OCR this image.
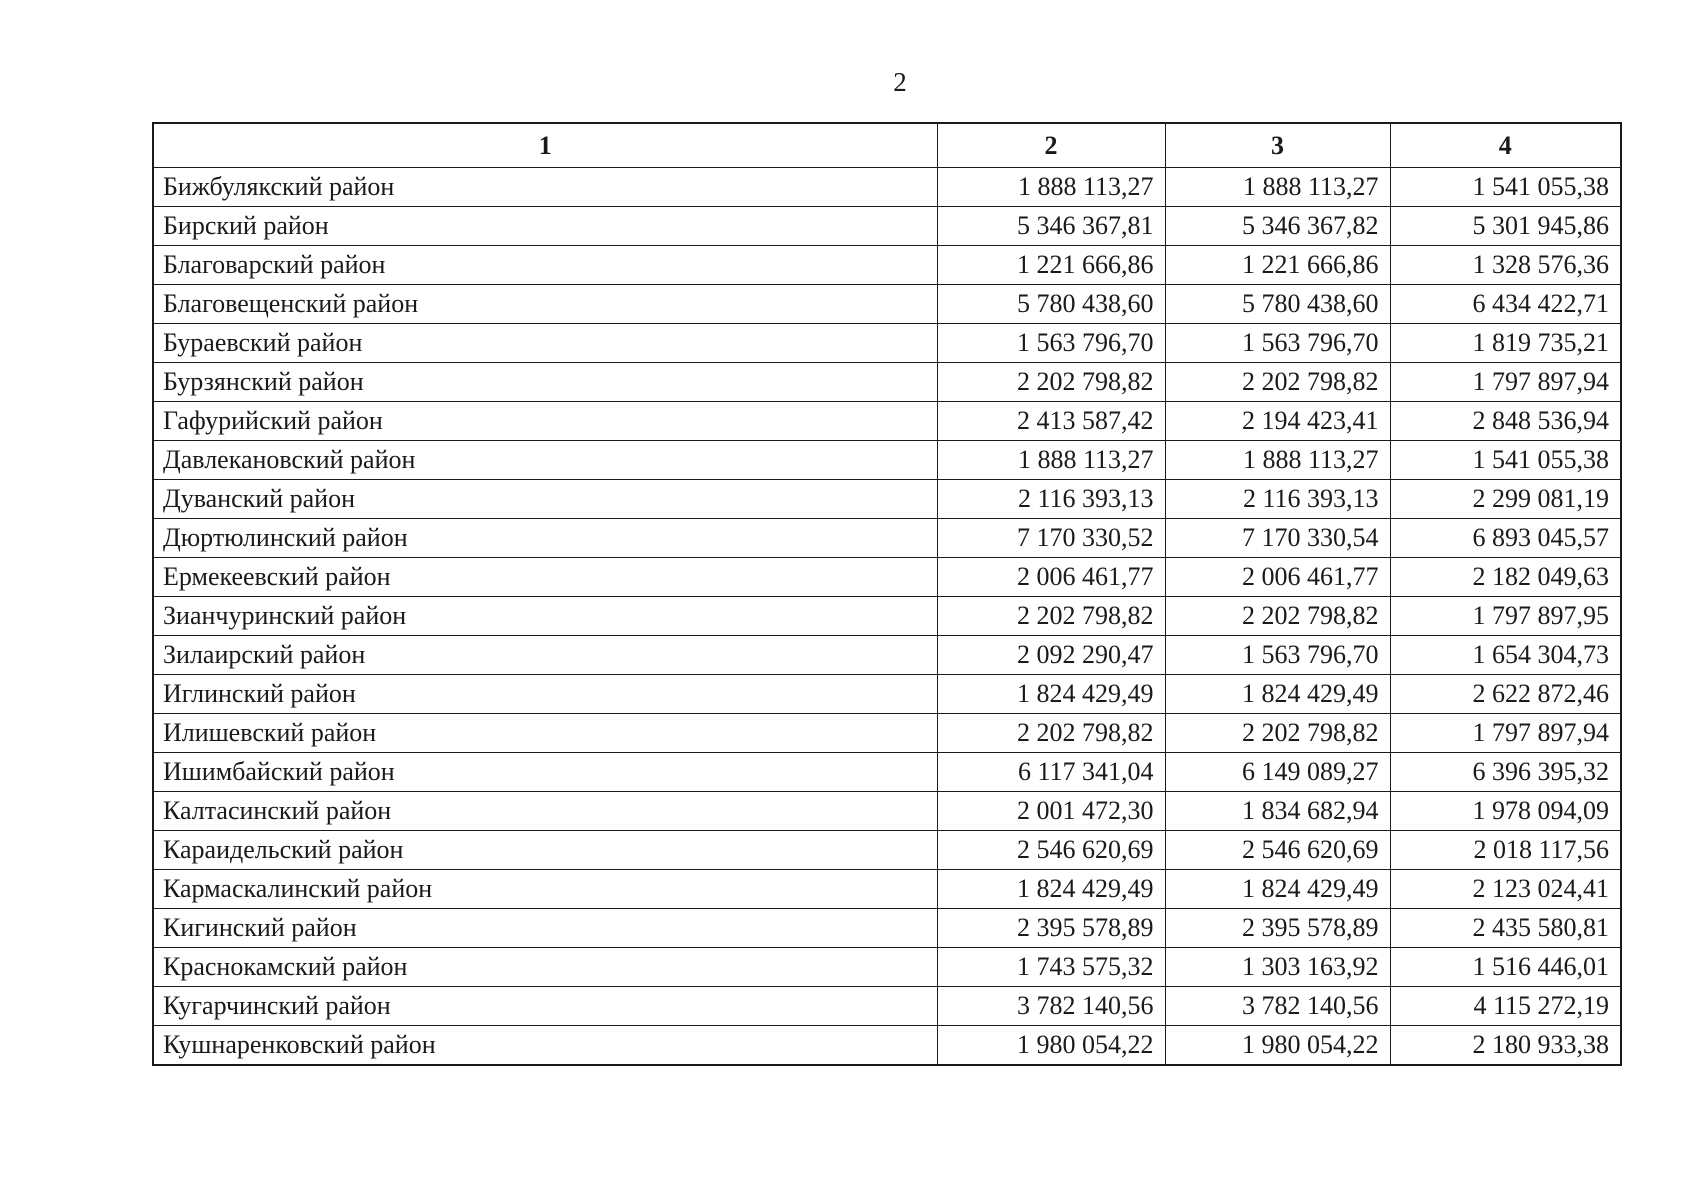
2
1	2	3	4
Бижбулякский район	1 888 113,27	1 888 113,27	1 541 055,38
Бирский район	5 346 367,81	5 346 367,82	5 301 945,86
Благоварский район	1 221 666,86	1 221 666,86	1 328 576,36
Благовещенский район	5 780 438,60	5 780 438,60	6 434 422,71
Бураевский район	1 563 796,70	1 563 796,70	1 819 735,21
Бурзянский район	2 202 798,82	2 202 798,82	1 797 897,94
Гафурийский район	2 413 587,42	2 194 423,41	2 848 536,94
Давлекановский район	1 888 113,27	1 888 113,27	1 541 055,38
Дуванский район	2 116 393,13	2 116 393,13	2 299 081,19
Дюртюлинский район	7 170 330,52	7 170 330,54	6 893 045,57
Ермекеевский район	2 006 461,77	2 006 461,77	2 182 049,63
Зианчуринский район	2 202 798,82	2 202 798,82	1 797 897,95
Зилаирский район	2 092 290,47	1 563 796,70	1 654 304,73
Иглинский район	1 824 429,49	1 824 429,49	2 622 872,46
Илишевский район	2 202 798,82	2 202 798,82	1 797 897,94
Ишимбайский район	6 117 341,04	6 149 089,27	6 396 395,32
Калтасинский район	2 001 472,30	1 834 682,94	1 978 094,09
Караидельский район	2 546 620,69	2 546 620,69	2 018 117,56
Кармаскалинский район	1 824 429,49	1 824 429,49	2 123 024,41
Кигинский район	2 395 578,89	2 395 578,89	2 435 580,81
Краснокамский район	1 743 575,32	1 303 163,92	1 516 446,01
Кугарчинский район	3 782 140,56	3 782 140,56	4 115 272,19
Кушнаренковский район	1 980 054,22	1 980 054,22	2 180 933,38
